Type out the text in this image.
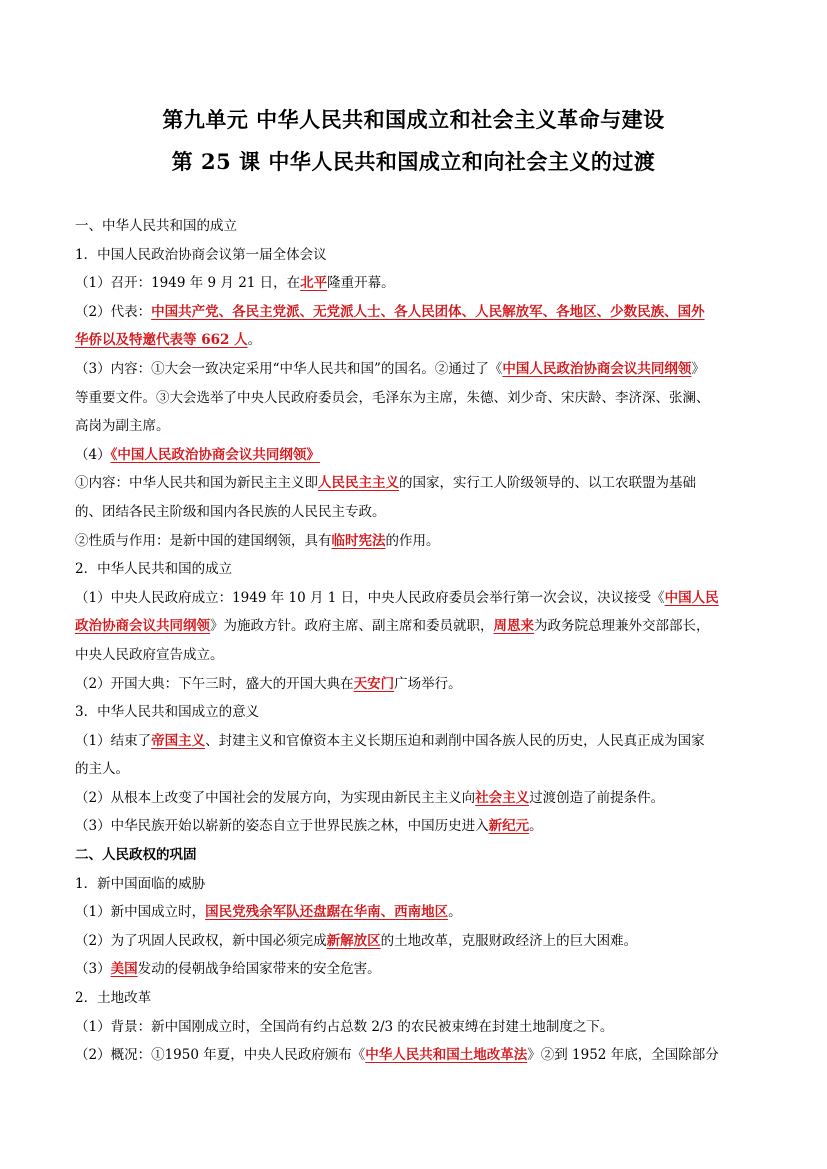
第九单元 中华人民共和国成立和社会主义革命与建设
第 25 课 中华人民共和国成立和向社会主义的过渡
一、中华人民共和国的成立
1．中国人民政治协商会议第一届全体会议
（1）召开：1949 年 9 月 21 日，在北平隆重开幕。
（2）代表：中国共产党、各民主党派、无党派人士、各人民团体、人民解放军、各地区、少数民族、国外
华侨以及特邀代表等 662 人。
（3）内容：①大会一致决定采用“中华人民共和国”的国名。②通过了《中国人民政治协商会议共同纲领》
等重要文件。③大会选举了中央人民政府委员会，毛泽东为主席，朱德、刘少奇、宋庆龄、李济深、张澜、
高岗为副主席。
（4）《中国人民政治协商会议共同纲领》
①内容：中华人民共和国为新民主主义即人民民主主义的国家，实行工人阶级领导的、以工农联盟为基础
的、团结各民主阶级和国内各民族的人民民主专政。
②性质与作用：是新中国的建国纲领，具有临时宪法的作用。
2．中华人民共和国的成立
（1）中央人民政府成立：1949 年 10 月 1 日，中央人民政府委员会举行第一次会议，决议接受《中国人民
政治协商会议共同纲领》为施政方针。政府主席、副主席和委员就职，周恩来为政务院总理兼外交部部长，
中央人民政府宣告成立。
（2）开国大典：下午三时，盛大的开国大典在天安门广场举行。
3．中华人民共和国成立的意义
（1）结束了帝国主义、封建主义和官僚资本主义长期压迫和剥削中国各族人民的历史，人民真正成为国家
的主人。
（2）从根本上改变了中国社会的发展方向，为实现由新民主主义向社会主义过渡创造了前提条件。
（3）中华民族开始以崭新的姿态自立于世界民族之林，中国历史进入新纪元。
二、人民政权的巩固
1．新中国面临的威胁
（1）新中国成立时，国民党残余军队还盘踞在华南、西南地区。
（2）为了巩固人民政权，新中国必须完成新解放区的土地改革，克服财政经济上的巨大困难。
（3）美国发动的侵朝战争给国家带来的安全危害。
2．土地改革
（1）背景：新中国刚成立时，全国尚有约占总数 2/3 的农民被束缚在封建土地制度之下。
（2）概况：①1950 年夏，中央人民政府颁布《中华人民共和国土地改革法》②到 1952 年底，全国除部分
